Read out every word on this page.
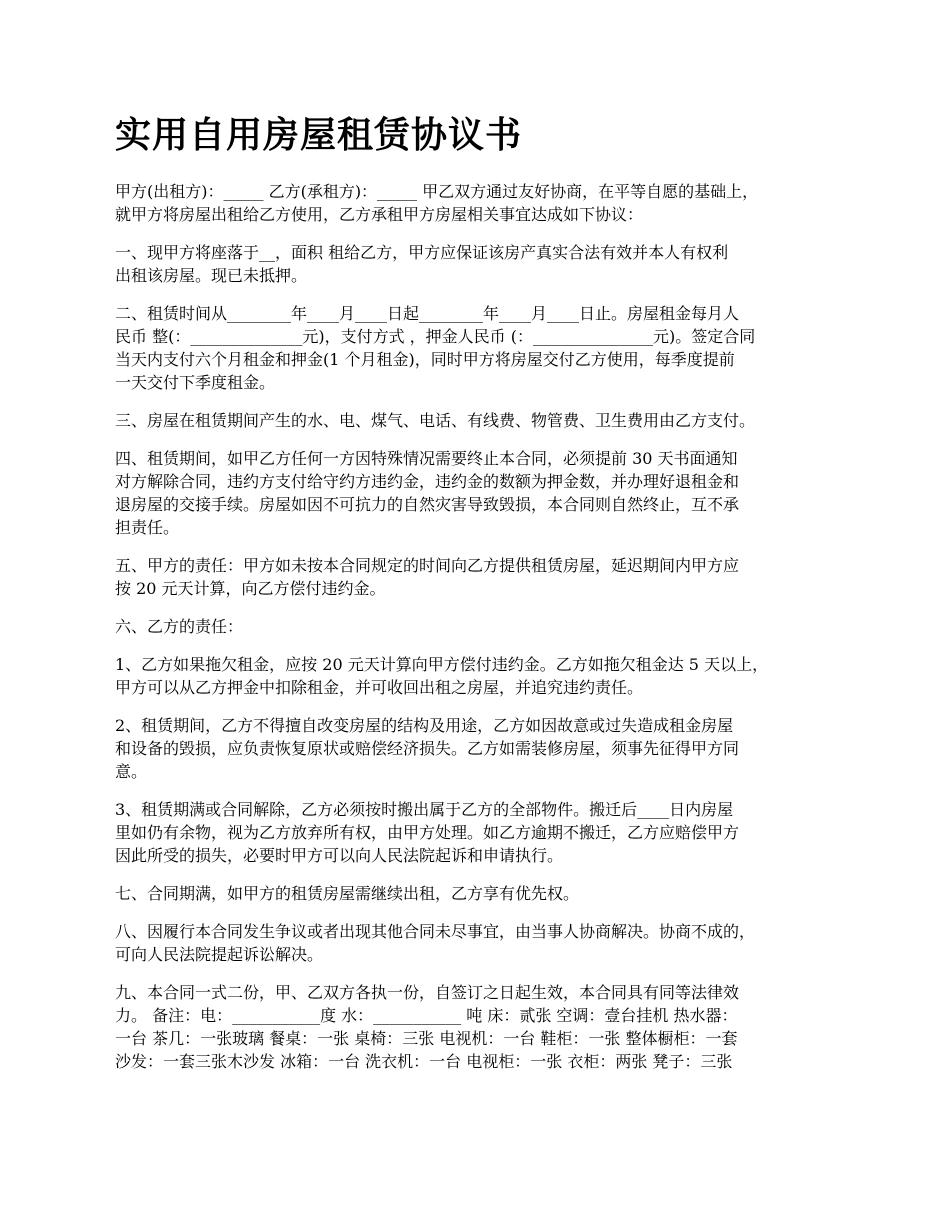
实用自用房屋租赁协议书

甲方(出租方)：_____ 乙方(承租方)：_____ 甲乙双方通过友好协商，在平等自愿的基础上，
就甲方将房屋出租给乙方使用，乙方承租甲方房屋相关事宜达成如下协议：

一、现甲方将座落于__，面积 租给乙方，甲方应保证该房产真实合法有效并本人有权利
出租该房屋。现已未抵押。

二、租赁时间从________年____月____日起________年____月____日止。房屋租金每月人
民币 整(：______________元)，支付方式 ，押金人民币 (：_______________元)。签定合同
当天内支付六个月租金和押金(1 个月租金)，同时甲方将房屋交付乙方使用，每季度提前
一天交付下季度租金。

三、房屋在租赁期间产生的水、电、煤气、电话、有线费、物管费、卫生费用由乙方支付。

四、租赁期间，如甲乙方任何一方因特殊情况需要终止本合同，必须提前 30 天书面通知
对方解除合同，违约方支付给守约方违约金，违约金的数额为押金数，并办理好退租金和
退房屋的交接手续。房屋如因不可抗力的自然灾害导致毁损，本合同则自然终止，互不承
担责任。

五、甲方的责任：甲方如未按本合同规定的时间向乙方提供租赁房屋，延迟期间内甲方应
按 20 元天计算，向乙方偿付违约金。

六、乙方的责任：

1、乙方如果拖欠租金，应按 20 元天计算向甲方偿付违约金。乙方如拖欠租金达 5 天以上，
甲方可以从乙方押金中扣除租金，并可收回出租之房屋，并追究违约责任。

2、租赁期间，乙方不得擅自改变房屋的结构及用途，乙方如因故意或过失造成租金房屋
和设备的毁损，应负责恢复原状或赔偿经济损失。乙方如需装修房屋，须事先征得甲方同
意。

3、租赁期满或合同解除，乙方必须按时搬出属于乙方的全部物件。搬迁后____日内房屋
里如仍有余物，视为乙方放弃所有权，由甲方处理。如乙方逾期不搬迁，乙方应赔偿甲方
因此所受的损失，必要时甲方可以向人民法院起诉和申请执行。

七、合同期满，如甲方的租赁房屋需继续出租，乙方享有优先权。

八、因履行本合同发生争议或者出现其他合同未尽事宜，由当事人协商解决。协商不成的，
可向人民法院提起诉讼解决。

九、本合同一式二份，甲、乙双方各执一份，自签订之日起生效，本合同具有同等法律效
力。 备注：电：___________度 水：___________ 吨 床：贰张 空调：壹台挂机 热水器：
一台 茶几：一张玻璃 餐桌：一张 桌椅：三张 电视机：一台 鞋柜：一张 整体橱柜：一套
沙发：一套三张木沙发 冰箱：一台 洗衣机：一台 电视柜：一张 衣柜：两张 凳子：三张
